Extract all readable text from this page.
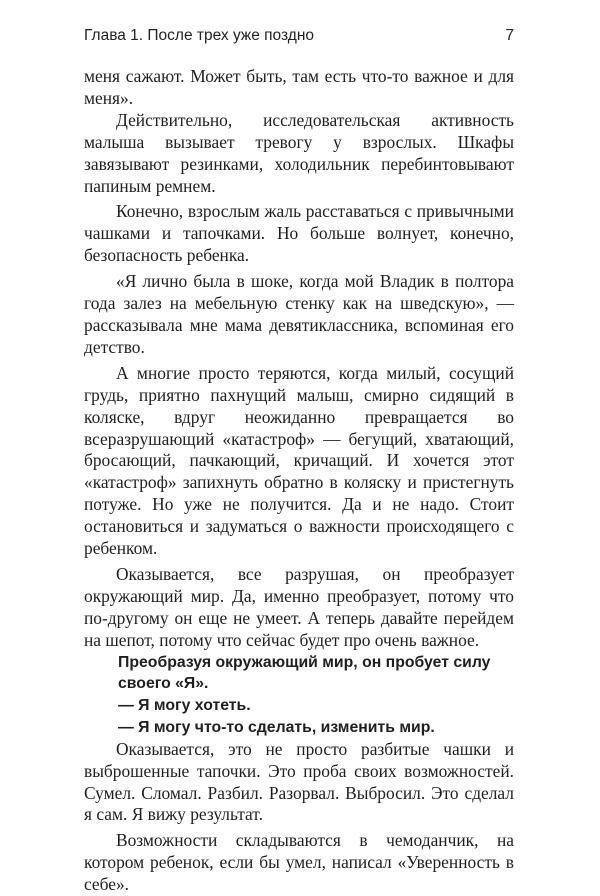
Глава 1. После трех уже поздно	7

меня сажают. Может быть, там есть что-то важное и для меня».

Действительно, исследовательская активность малыша вызывает тревогу у взрослых. Шкафы завязывают резинками, холодильник перебинтовывают папиным ремнем.

Конечно, взрослым жаль расставаться с привычными чашками и тапочками. Но больше волнует, конечно, безопасность ребенка.

«Я лично была в шоке, когда мой Владик в полтора года залез на мебельную стенку как на шведскую», — рассказывала мне мама девятиклассника, вспоминая его детство.

А многие просто теряются, когда милый, сосущий грудь, приятно пахнущий малыш, смирно сидящий в коляске, вдруг неожиданно превращается во всеразрушающий «катастроф» — бегущий, хватающий, бросающий, пачкающий, кричащий. И хочется этот «катастроф» запихнуть обратно в коляску и пристегнуть потуже. Но уже не получится. Да и не надо. Стоит остановиться и задуматься о важности происходящего с ребенком.

Оказывается, все разрушая, он преобразует окружающий мир. Да, именно преобразует, потому что по-другому он еще не умеет. А теперь давайте перейдем на шепот, потому что сейчас будет про очень важное.

Преобразуя окружающий мир, он пробует силу своего «Я».

— Я могу хотеть.

— Я могу что-то сделать, изменить мир.

Оказывается, это не просто разбитые чашки и выброшенные тапочки. Это проба своих возможностей. Сумел. Сломал. Разбил. Разорвал. Выбросил. Это сделал я сам. Я вижу результат.

Возможности складываются в чемоданчик, на котором ребенок, если бы умел, написал «Уверенность в себе».
